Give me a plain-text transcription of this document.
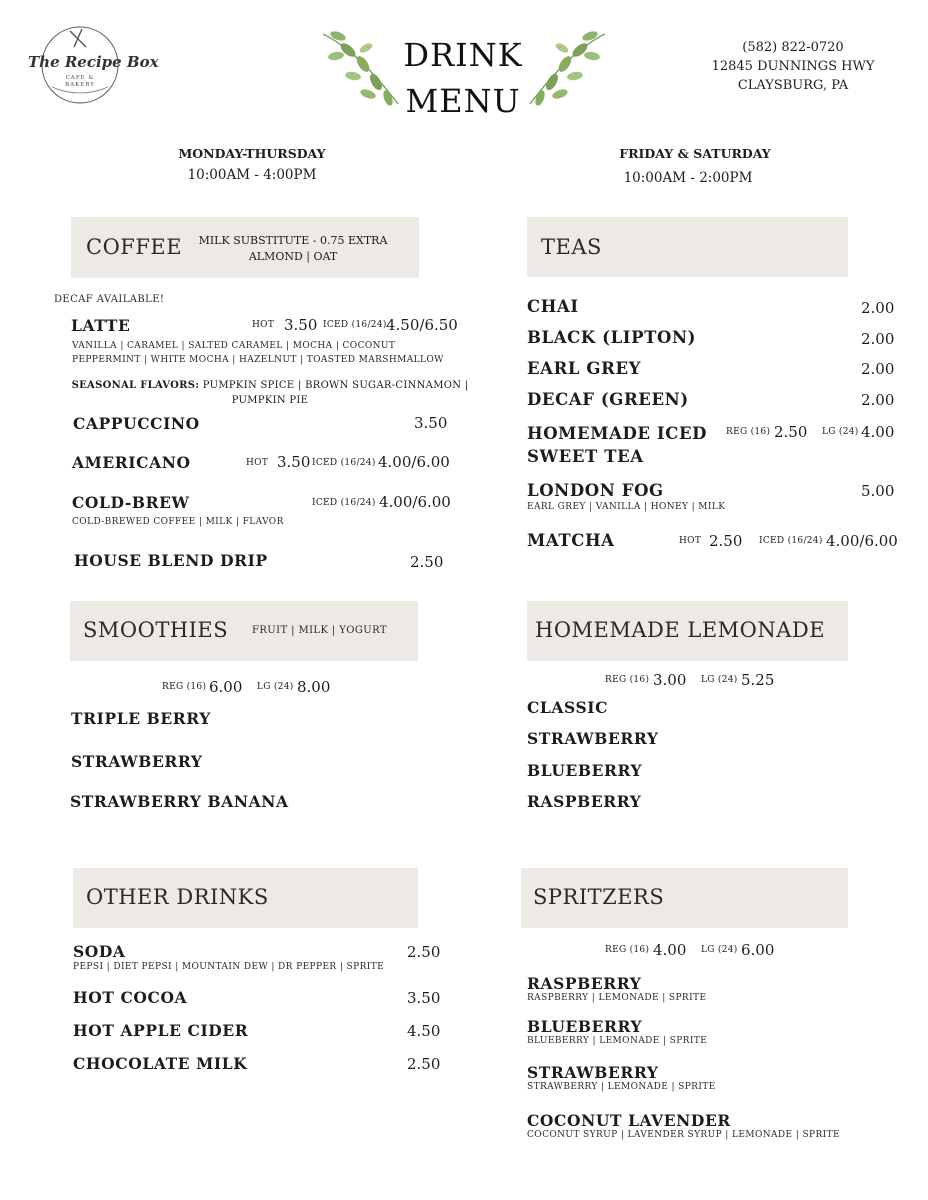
The Recipe Box
CAFE & BAKERY
DRINK
MENU
(582) 822-0720
12845 DUNNINGS HWY
CLAYSBURG, PA
MONDAY-THURSDAY
10:00AM - 4:00PM
FRIDAY & SATURDAY
10:00AM - 2:00PM
COFFEE	MILK SUBSTITUTE - 0.75 EXTRA
ALMOND | OAT
DECAF AVAILABLE!
LATTE	HOT 3.50 ICED (16/24) 4.50/6.50
VANILLA | CARAMEL | SALTED CARAMEL | MOCHA | COCONUT
PEPPERMINT | WHITE MOCHA | HAZELNUT | TOASTED MARSHMALLOW
SEASONAL FLAVORS: PUMPKIN SPICE | BROWN SUGAR-CINNAMON |
PUMPKIN PIE
CAPPUCCINO	3.50
AMERICANO	HOT 3.50 ICED (16/24) 4.00/6.00
COLD-BREW	ICED (16/24) 4.00/6.00
COLD-BREWED COFFEE | MILK | FLAVOR
HOUSE BLEND DRIP	2.50
TEAS
CHAI	2.00
BLACK (LIPTON)	2.00
EARL GREY	2.00
DECAF (GREEN)	2.00
HOMEMADE ICED
SWEET TEA
REG (16) 2.50 LG (24) 4.00
LONDON FOG	5.00
EARL GREY | VANILLA | HONEY | MILK
MATCHA	HOT 2.50 ICED (16/24) 4.00/6.00
SMOOTHIES FRUIT | MILK | YOGURT
REG (16) 6.00 LG (24) 8.00
TRIPLE BERRY
STRAWBERRY
STRAWBERRY BANANA
HOMEMADE LEMONADE
REG (16) 3.00 LG (24) 5.25
CLASSIC
STRAWBERRY
BLUEBERRY
RASPBERRY
OTHER DRINKS
SODA	2.50
PEPSI | DIET PEPSI | MOUNTAIN DEW | DR PEPPER | SPRITE
HOT COCOA	3.50
HOT APPLE CIDER	4.50
CHOCOLATE MILK	2.50
SPRITZERS
REG (16) 4.00 LG (24) 6.00
RASPBERRY
RASPBERRY | LEMONADE | SPRITE
BLUEBERRY
BLUEBERRY | LEMONADE | SPRITE
STRAWBERRY
STRAWBERRY | LEMONADE | SPRITE
COCONUT LAVENDER
COCONUT SYRUP | LAVENDER SYRUP | LEMONADE | SPRITE
